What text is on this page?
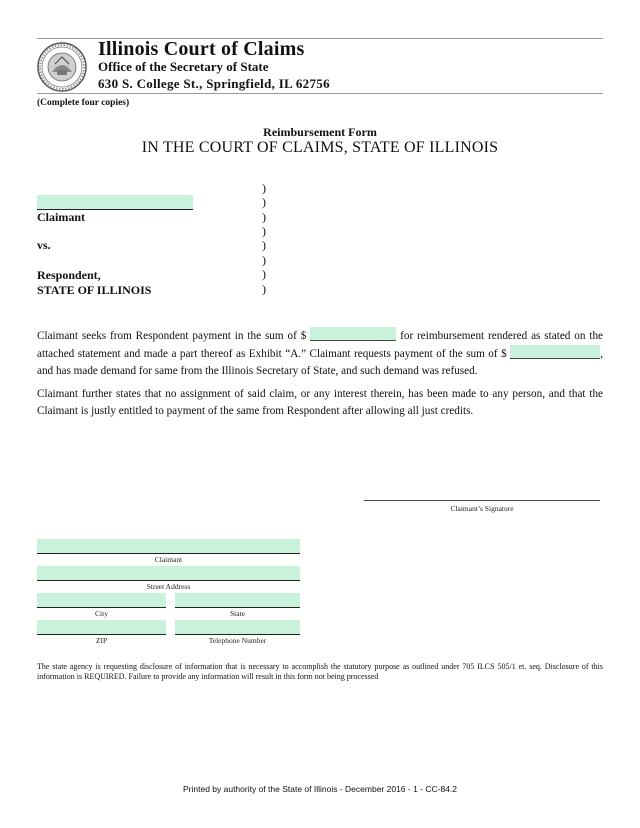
Illinois Court of Claims
Office of the Secretary of State
630 S. College St., Springfield, IL 62756
(Complete four copies)
Reimbursement Form
IN THE COURT OF CLAIMS, STATE OF ILLINOIS
Claimant
vs.
Respondent,
STATE OF ILLINOIS
)
)
)
)
)
)
)
)
Claimant seeks from Respondent payment in the sum of $	for reimbursement rendered as stated on the attached statement and made a part thereof as Exhibit “A.” Claimant requests payment of the sum of $	, and has made demand for same from the Illinois Secretary of State, and such demand was refused.
Claimant further states that no assignment of said claim, or any interest therein, has been made to any person, and that the Claimant is justly entitled to payment of the same from Respondent after allowing all just credits.
Claimant’s Signature
Claimant
Street Address
City	State
ZIP	Telephone Number
The state agency is requesting disclosure of information that is necessary to accomplish the statutory purpose as outlined under 705 ILCS 505/1 et. seq. Disclosure of this information is REQUIRED. Failure to provide any information will result in this form not being processed
Printed by authority of the State of Illinois - December 2016 - 1 - CC-84.2
